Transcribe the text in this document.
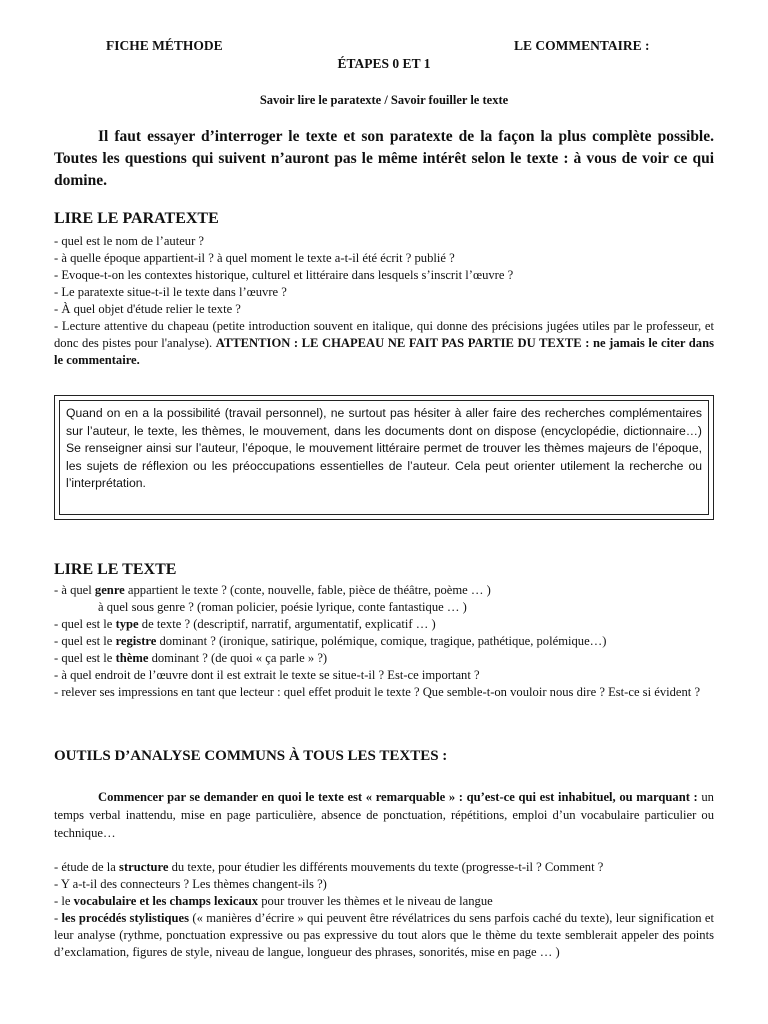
FICHE MÉTHODE	LE COMMENTAIRE :
ÉTAPES 0 ET 1
Savoir lire le paratexte / Savoir fouiller le texte

Il faut essayer d’interroger le texte et son paratexte de la façon la plus complète possible. Toutes les questions qui suivent n’auront pas le même intérêt selon le texte : à vous de voir ce qui domine.

LIRE LE PARATEXTE

- quel est le nom de l’auteur ?

- à quelle époque appartient-il ? à quel moment le texte a-t-il été écrit ? publié ?

- Evoque-t-on les contextes historique, culturel et littéraire dans lesquels s’inscrit l’œuvre ?

- Le paratexte situe-t-il le texte dans l’œuvre ?

- À quel objet d'étude relier le texte ?

- Lecture attentive du chapeau (petite introduction souvent en italique, qui donne des précisions jugées utiles par le professeur, et donc des pistes pour l'analyse). ATTENTION : LE CHAPEAU NE FAIT PAS PARTIE DU TEXTE : ne jamais le citer dans le commentaire.

Quand on en a la possibilité (travail personnel), ne surtout pas hésiter à aller faire des recherches complémentaires sur l’auteur, le texte, les thèmes, le mouvement, dans les documents dont on dispose (encyclopédie, dictionnaire…) Se renseigner ainsi sur l’auteur, l’époque, le mouvement littéraire permet de trouver les thèmes majeurs de l’époque, les sujets de réflexion ou les préoccupations essentielles de l’auteur. Cela peut orienter utilement la recherche ou l’interprétation.
LIRE LE TEXTE

- à quel genre appartient le texte ? (conte, nouvelle, fable, pièce de théâtre, poème … )

à quel sous genre ? (roman policier, poésie lyrique, conte fantastique … )

- quel est le type de texte ? (descriptif, narratif, argumentatif, explicatif … )

- quel est le registre dominant ? (ironique, satirique, polémique, comique, tragique, pathétique, polémique…)

- quel est le thème dominant ? (de quoi « ça parle » ?)

- à quel endroit de l’œuvre dont il est extrait le texte se situe-t-il ? Est-ce important ?

- relever ses impressions en tant que lecteur : quel effet produit le texte ? Que semble-t-on vouloir nous dire ? Est-ce si évident ?

OUTILS D’ANALYSE COMMUNS À TOUS LES TEXTES :

Commencer par se demander en quoi le texte est « remarquable » : qu’est-ce qui est inhabituel, ou marquant : un temps verbal inattendu, mise en page particulière, absence de ponctuation, répétitions, emploi d’un vocabulaire particulier ou technique…

- étude de la structure du texte, pour étudier les différents mouvements du texte (progresse-t-il ? Comment ?

- Y a-t-il des connecteurs ? Les thèmes changent-ils ?)

- le vocabulaire et les champs lexicaux pour trouver les thèmes et le niveau de langue

- les procédés stylistiques (« manières d’écrire » qui peuvent être révélatrices du sens parfois caché du texte), leur signification et leur analyse (rythme, ponctuation expressive ou pas expressive du tout alors que le thème du texte semblerait appeler des points d’exclamation, figures de style, niveau de langue, longueur des phrases, sonorités, mise en page … )
